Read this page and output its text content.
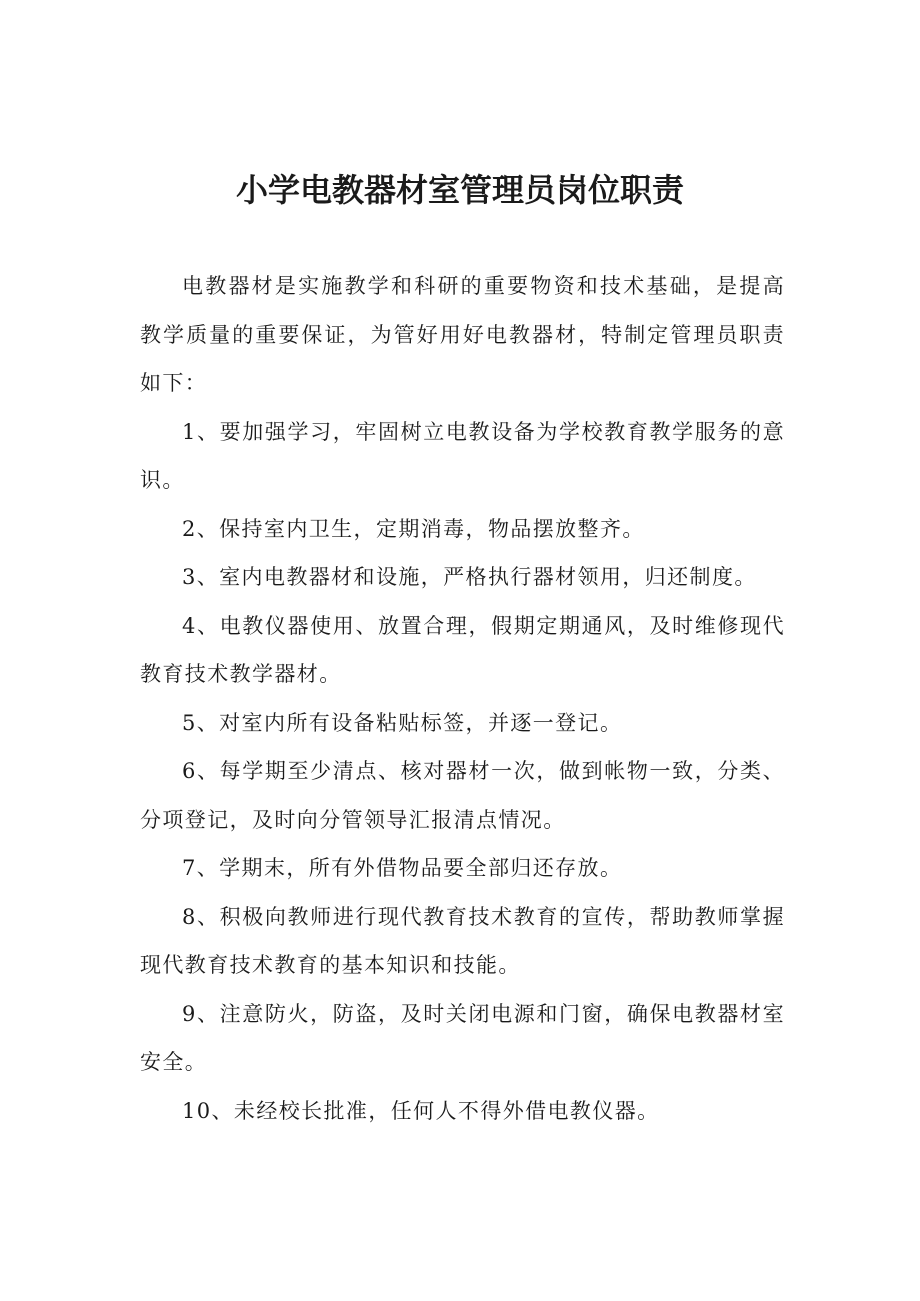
小学电教器材室管理员岗位职责

电教器材是实施教学和科研的重要物资和技术基础，是提高教学质量的重要保证，为管好用好电教器材，特制定管理员职责如下：

1、要加强学习，牢固树立电教设备为学校教育教学服务的意识。

2、保持室内卫生，定期消毒，物品摆放整齐。

3、室内电教器材和设施，严格执行器材领用，归还制度。

4、电教仪器使用、放置合理，假期定期通风，及时维修现代教育技术教学器材。

5、对室内所有设备粘贴标签，并逐一登记。

6、每学期至少清点、核对器材一次，做到帐物一致，分类、分项登记，及时向分管领导汇报清点情况。

7、学期末，所有外借物品要全部归还存放。

8、积极向教师进行现代教育技术教育的宣传，帮助教师掌握现代教育技术教育的基本知识和技能。

9、注意防火，防盗，及时关闭电源和门窗，确保电教器材室安全。

10、未经校长批准，任何人不得外借电教仪器。
